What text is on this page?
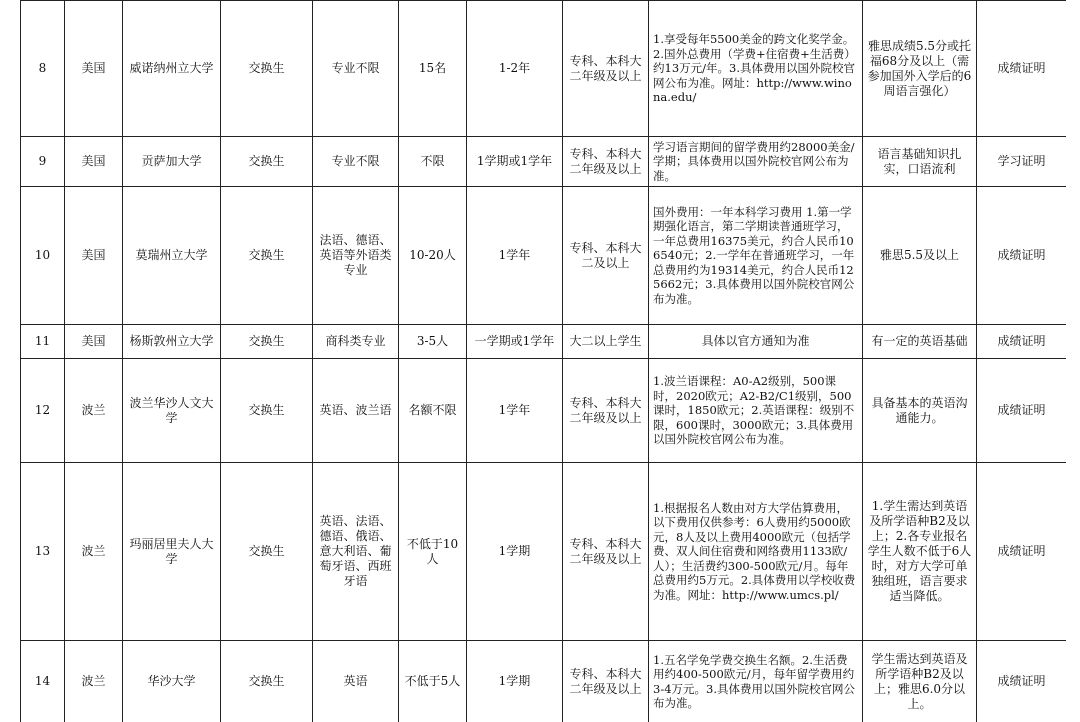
8	美国	威诺纳州立大学	交换生	专业不限	15名	1-2年	专科、本科大二年级及以上	1.享受每年5500美金的跨文化奖学金。2.国外总费用（学费+住宿费+生活费）约13万元/年。3.具体费用以国外院校官网公布为准。网址：http://www.winona.edu/	雅思成绩5.5分或托福68分及以上（需参加国外入学后的6周语言强化）	成绩证明
9	美国	贡萨加大学	交换生	专业不限	不限	1学期或1学年	专科、本科大二年级及以上	学习语言期间的留学费用约28000美金/学期；具体费用以国外院校官网公布为准。	语言基础知识扎实，口语流利	学习证明
10	美国	莫瑞州立大学	交换生	法语、德语、英语等外语类专业	10-20人	1学年	专科、本科大二及以上	国外费用：一年本科学习费用 1.第一学期强化语言，第二学期读普通班学习，一年总费用16375美元，约合人民币106540元；2.一学年在普通班学习，一年总费用约为19314美元，约合人民币125662元；3.具体费用以国外院校官网公布为准。	雅思5.5及以上	成绩证明
11	美国	杨斯敦州立大学	交换生	商科类专业	3-5人	一学期或1学年	大二以上学生	具体以官方通知为准	有一定的英语基础	成绩证明
12	波兰	波兰华沙人文大学	交换生	英语、波兰语	名额不限	1学年	专科、本科大二年级及以上	1.波兰语课程：A0-A2级别，500课时，2020欧元；A2-B2/C1级别，500课时，1850欧元；2.英语课程：级别不限，600课时，3000欧元；3.具体费用以国外院校官网公布为准。	具备基本的英语沟通能力。	成绩证明
13	波兰	玛丽居里夫人大学	交换生	英语、法语、德语、俄语、意大利语、葡萄牙语、西班牙语	不低于10人	1学期	专科、本科大二年级及以上	1.根据报名人数由对方大学估算费用，以下费用仅供参考：6人费用约5000欧元，8人及以上费用4000欧元（包括学费、双人间住宿费和网络费用1133欧/人）；生活费约300-500欧元/月。每年总费用约5万元。2.具体费用以学校收费为准。网址：http://www.umcs.pl/	1.学生需达到英语及所学语种B2及以上；2.各专业报名学生人数不低于6人时，对方大学可单独组班，语言要求适当降低。	成绩证明
14	波兰	华沙大学	交换生	英语	不低于5人	1学期	专科、本科大二年级及以上	1.五名学免学费交换生名额。2.生活费用约400-500欧元/月，每年留学费用约3-4万元。3.具体费用以国外院校官网公布为准。	学生需达到英语及所学语种B2及以上；雅思6.0分以上。	成绩证明
